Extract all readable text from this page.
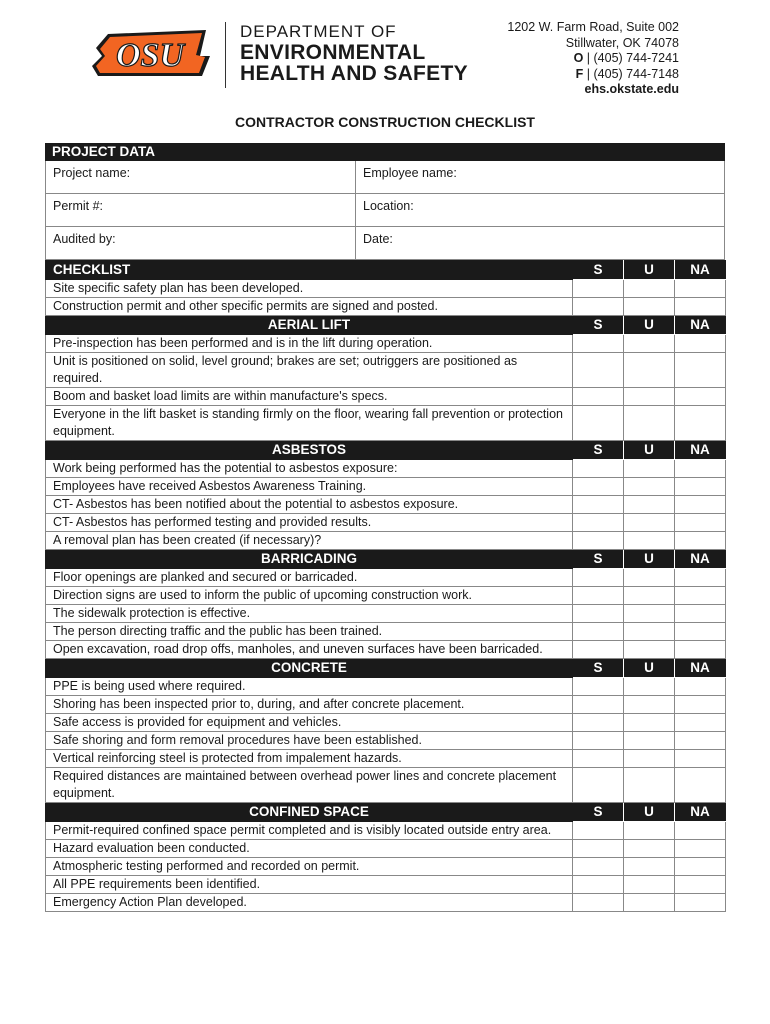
OSU
DEPARTMENT OF
ENVIRONMENTAL
HEALTH AND SAFETY
1202 W. Farm Road, Suite 002
Stillwater, OK 74078
O | (405) 744-7241
F | (405) 744-7148
ehs.okstate.edu
CONTRACTOR CONSTRUCTION CHECKLIST
PROJECT DATA
Project name:	Employee name:
Permit #:	Location:
Audited by:	Date:
CHECKLIST	S	U	NA
Site specific safety plan has been developed.			
Construction permit and other specific permits are signed and posted.			
AERIAL LIFT	S	U	NA
Pre-inspection has been performed and is in the lift during operation.			
Unit is positioned on solid, level ground; brakes are set; outriggers are positioned as required.			
Boom and basket load limits are within manufacture's specs.			
Everyone in the lift basket is standing firmly on the floor, wearing fall prevention or protection equipment.			
ASBESTOS	S	U	NA
Work being performed has the potential to asbestos exposure:			
Employees have received Asbestos Awareness Training.			
CT- Asbestos has been notified about the potential to asbestos exposure.			
CT- Asbestos has performed testing and provided results.			
A removal plan has been created (if necessary)?			
BARRICADING	S	U	NA
Floor openings are planked and secured or barricaded.			
Direction signs are used to inform the public of upcoming construction work.			
The sidewalk protection is effective.			
The person directing traffic and the public has been trained.			
Open excavation, road drop offs, manholes, and uneven surfaces have been barricaded.			
CONCRETE	S	U	NA
PPE is being used where required.			
Shoring has been inspected prior to, during, and after concrete placement.			
Safe access is provided for equipment and vehicles.			
Safe shoring and form removal procedures have been established.			
Vertical reinforcing steel is protected from impalement hazards.			
Required distances are maintained between overhead power lines and concrete placement equipment.			
CONFINED SPACE	S	U	NA
Permit-required confined space permit completed and is visibly located outside entry area.			
Hazard evaluation been conducted.			
Atmospheric testing performed and recorded on permit.			
All PPE requirements been identified.			
Emergency Action Plan developed.			
